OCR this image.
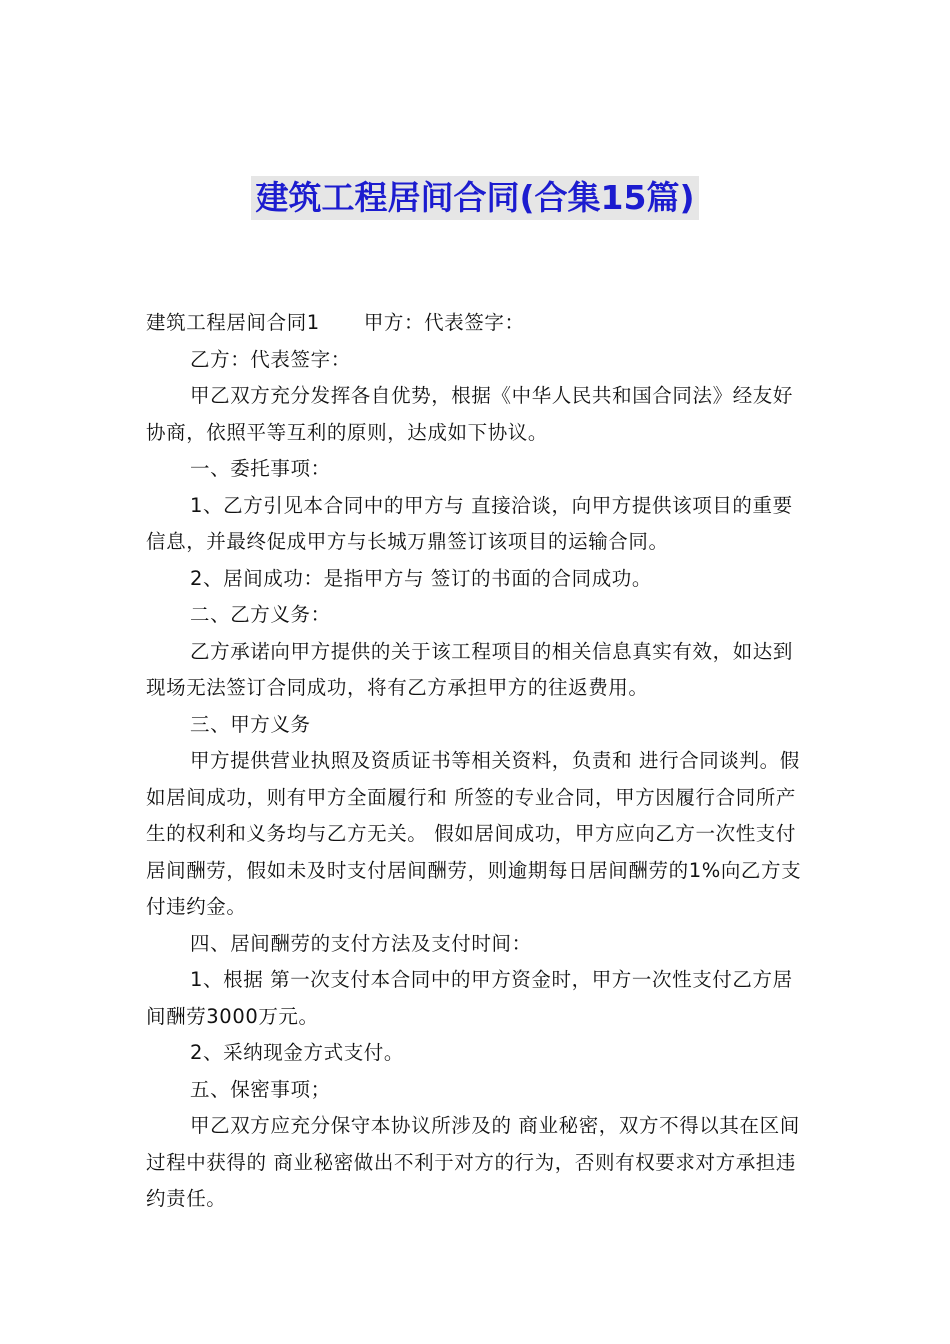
建筑工程居间合同(合集15篇)

建筑工程居间合同1 甲方：代表签字：

乙方：代表签字：

甲乙双方充分发挥各自优势，根据《中华人民共和国合同法》经友好协商，依照平等互利的原则，达成如下协议。

一、委托事项：

1、乙方引见本合同中的甲方与 直接洽谈，向甲方提供该项目的重要信息，并最终促成甲方与长城万鼎签订该项目的运输合同。

2、居间成功：是指甲方与 签订的书面的合同成功。

二、乙方义务：

乙方承诺向甲方提供的关于该工程项目的相关信息真实有效，如达到现场无法签订合同成功，将有乙方承担甲方的往返费用。

三、甲方义务

甲方提供营业执照及资质证书等相关资料，负责和 进行合同谈判。假如居间成功，则有甲方全面履行和 所签的专业合同，甲方因履行合同所产生的权利和义务均与乙方无关。 假如居间成功，甲方应向乙方一次性支付居间酬劳，假如未及时支付居间酬劳，则逾期每日居间酬劳的1%向乙方支付违约金。

四、居间酬劳的支付方法及支付时间：

1、根据 第一次支付本合同中的甲方资金时，甲方一次性支付乙方居间酬劳3000万元。

2、采纳现金方式支付。

五、保密事项；

甲乙双方应充分保守本协议所涉及的 商业秘密，双方不得以其在区间过程中获得的 商业秘密做出不利于对方的行为，否则有权要求对方承担违约责任。
